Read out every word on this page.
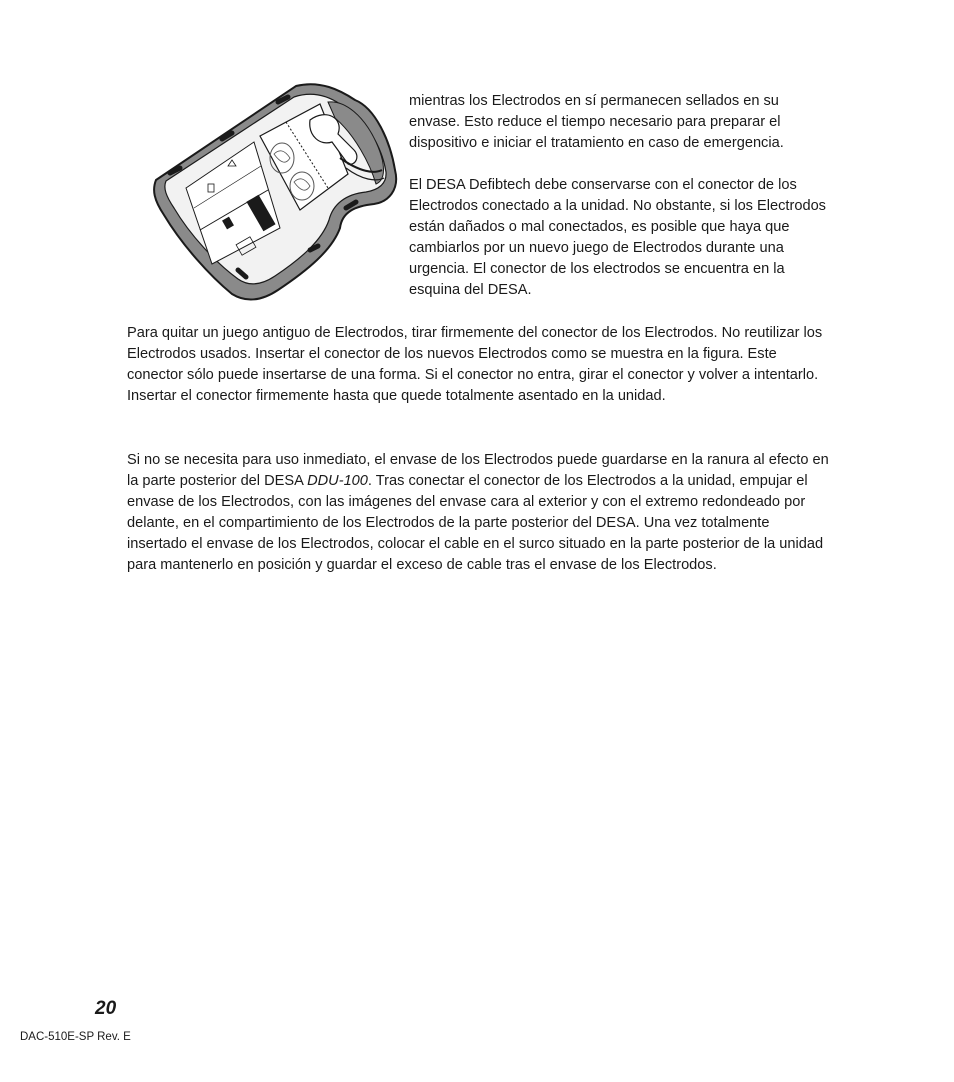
mientras los Electrodos en sí permanecen sellados en su envase. Esto reduce el tiempo necesario para preparar el dispositivo e iniciar el tratamiento en caso de emergencia.

El DESA Defibtech debe conservarse con el conector de los Electrodos conectado a la unidad. No obstante, si los Electrodos están dañados o mal conectados, es posible que haya que cambiarlos por un nuevo juego de Electrodos durante una urgencia. El conector de los electrodos se encuentra en la esquina del DESA.

Para quitar un juego antiguo de Electrodos, tirar firmemente del conector de los Electrodos. No reutilizar los Electrodos usados. Insertar el conector de los nuevos Electrodos como se muestra en la figura. Este conector sólo puede insertarse de una forma. Si el conector no entra, girar el conector y volver a intentarlo. Insertar el conector firmemente hasta que quede totalmente asentado en la unidad.

Si no se necesita para uso inmediato, el envase de los Electrodos puede guardarse en la ranura al efecto en la parte posterior del DESA DDU-100. Tras conectar el conector de los Electrodos a la unidad, empujar el envase de los Electrodos, con las imágenes del envase cara al exterior y con el extremo redondeado por delante, en el compartimiento de los Electrodos de la parte posterior del DESA. Una vez totalmente insertado el envase de los Electrodos, colocar el cable en el surco situado en la parte posterior de la unidad para mantenerlo en posición y guardar el exceso de cable tras el envase de los Electrodos.

20
DAC-510E-SP Rev. E
